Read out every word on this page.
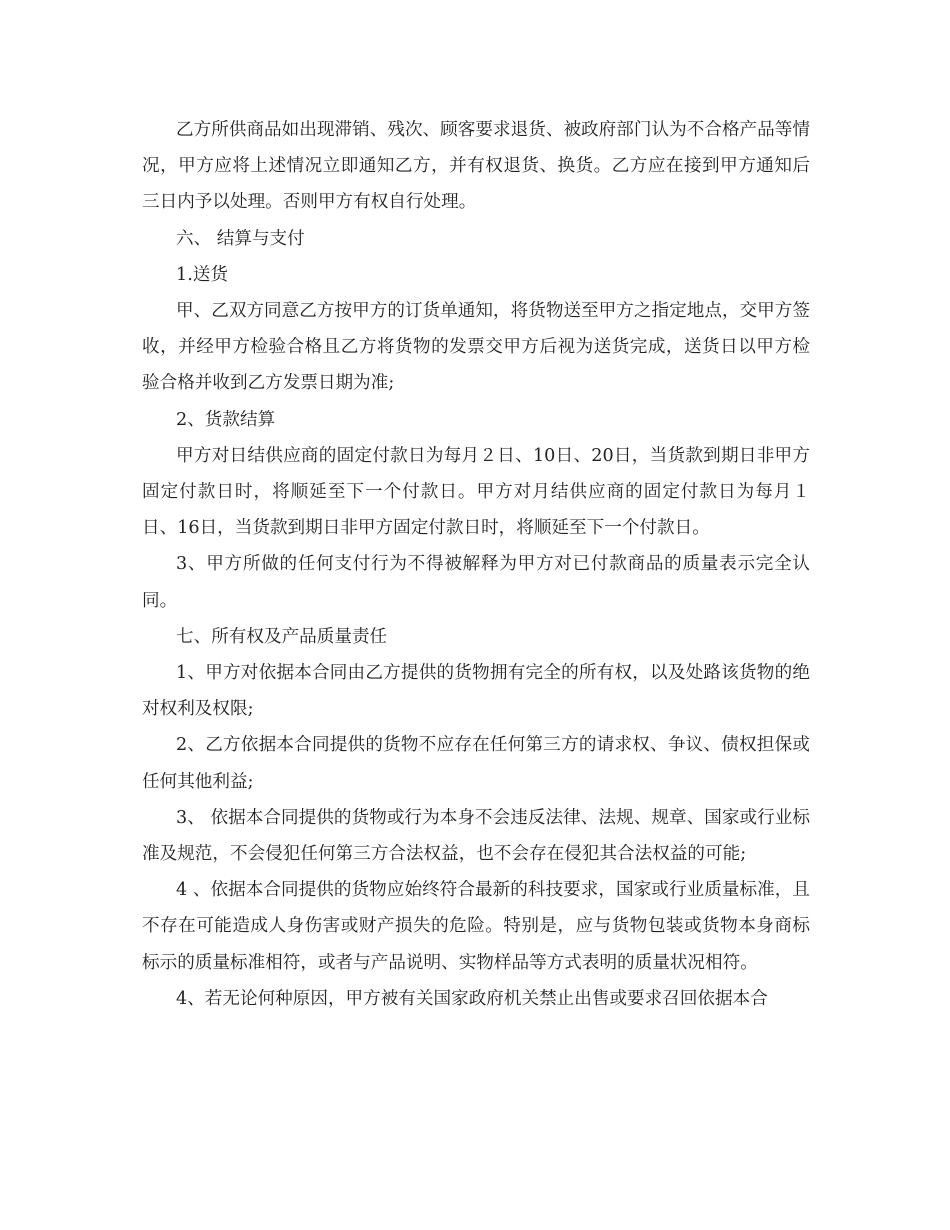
乙方所供商品如出现滞销、残次、顾客要求退货、被政府部门认为不合格产品等情况，甲方应将上述情况立即通知乙方，并有权退货、换货。乙方应在接到甲方通知后三日内予以处理。否则甲方有权自行处理。

六、 结算与支付

1.送货

甲、乙双方同意乙方按甲方的订货单通知，将货物送至甲方之指定地点，交甲方签收，并经甲方检验合格且乙方将货物的发票交甲方后视为送货完成，送货日以甲方检验合格并收到乙方发票日期为准;

2、货款结算

甲方对日结供应商的固定付款日为每月２日、10日、20日，当货款到期日非甲方固定付款日时，将顺延至下一个付款日。甲方对月结供应商的固定付款日为每月１日、16日，当货款到期日非甲方固定付款日时，将顺延至下一个付款日。

3、甲方所做的任何支付行为不得被解释为甲方对已付款商品的质量表示完全认同。

七、所有权及产品质量责任

1、甲方对依据本合同由乙方提供的货物拥有完全的所有权，以及处路该货物的绝对权利及权限;

2、乙方依据本合同提供的货物不应存在任何第三方的请求权、争议、债权担保或任何其他利益;

3、 依据本合同提供的货物或行为本身不会违反法律、法规、规章、国家或行业标准及规范，不会侵犯任何第三方合法权益，也不会存在侵犯其合法权益的可能;

4 、依据本合同提供的货物应始终符合最新的科技要求，国家或行业质量标准，且不存在可能造成人身伤害或财产损失的危险。特别是，应与货物包装或货物本身商标标示的质量标准相符，或者与产品说明、实物样品等方式表明的质量状况相符。

4、若无论何种原因，甲方被有关国家政府机关禁止出售或要求召回依据本合
